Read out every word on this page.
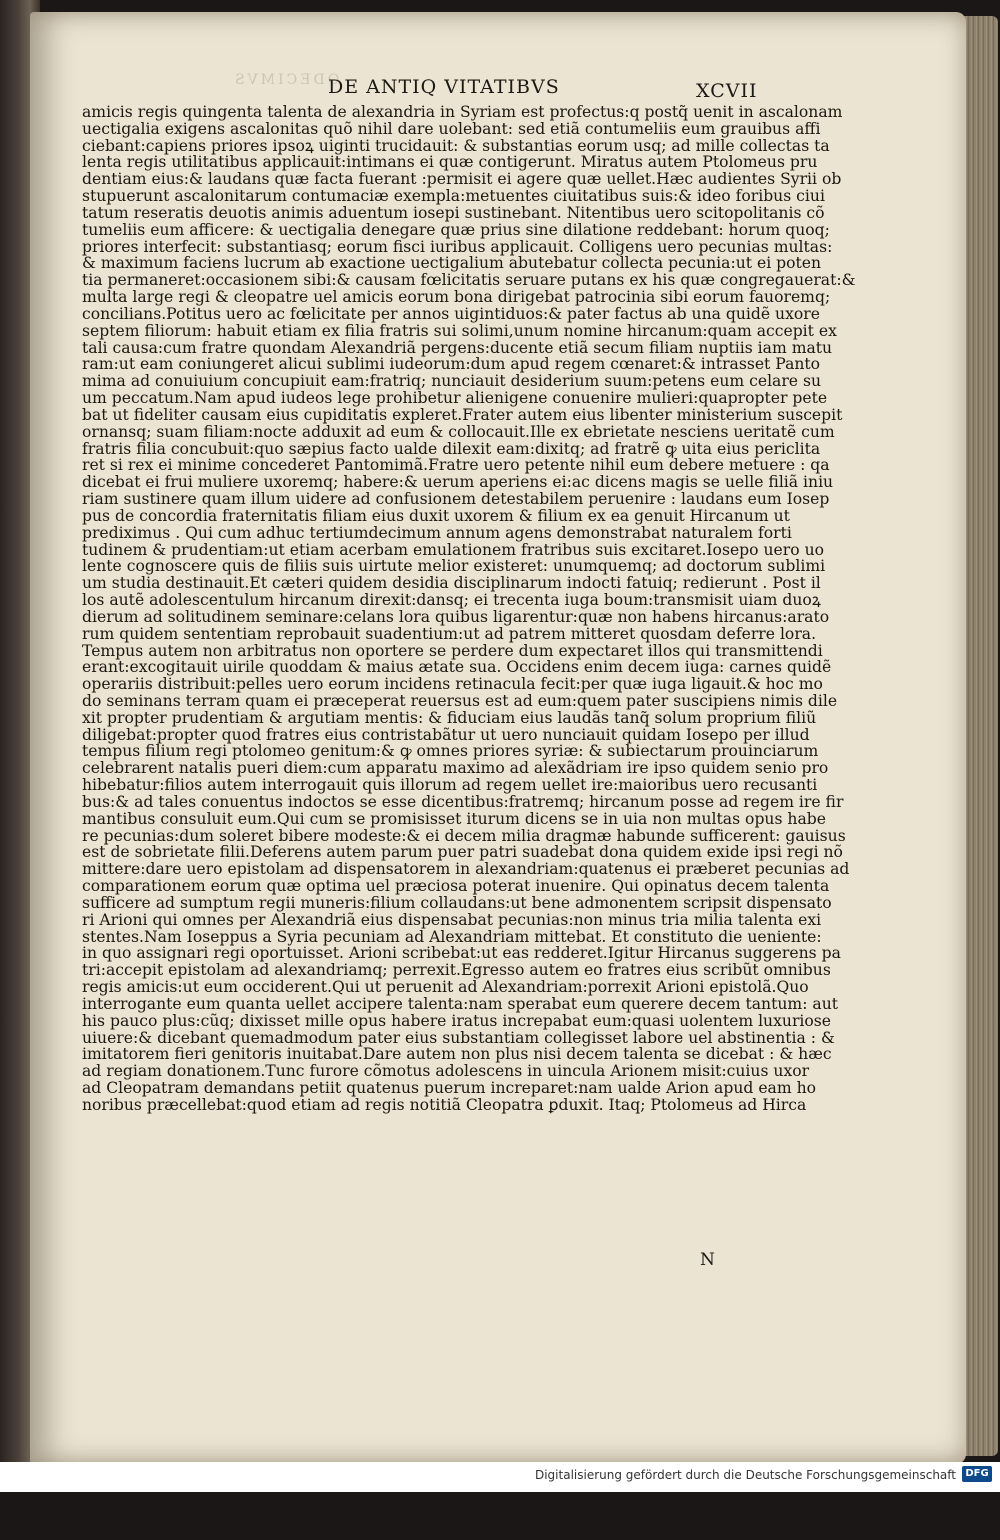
ODECIMVS
DE ANTIQ VITATIBVS	XCVII
amicis regis quingenta talenta de alexandria in Syriam est profectus:q postq̃ uenit in ascalonam
uectigalia exigens ascalonitas quõ nihil dare uolebant: sed etiã contumeliis eum grauibus affi
ciebant:capiens priores ipsoꝝ uiginti trucidauit: & substantias eorum usq; ad mille collectas ta
lenta regis utilitatibus applicauit:intimans ei quæ contigerunt. Miratus autem Ptolomeus pru
dentiam eius:& laudans quæ facta fuerant :permisit ei agere quæ uellet.Hæc audientes Syrii ob
stupuerunt ascalonitarum contumaciæ exempla:metuentes ciuitatibus suis:& ideo foribus ciui
tatum reseratis deuotis animis aduentum iosepi sustinebant. Nitentibus uero scitopolitanis cõ
tumeliis eum afficere: & uectigalia denegare quæ prius sine dilatione reddebant: horum quoq;
priores interfecit: substantiasq; eorum fisci iuribus applicauit. Colligens uero pecunias multas:
& maximum faciens lucrum ab exactione uectigalium abutebatur collecta pecunia:ut ei poten
tia permaneret:occasionem sibi:& causam fœlicitatis seruare putans ex his quæ congregauerat:&
multa large regi & cleopatre uel amicis eorum bona dirigebat patrocinia sibi eorum fauoremq;
concilians.Potitus uero ac fœlicitate per annos uigintiduos:& pater factus ab una quidẽ uxore
septem filiorum: habuit etiam ex filia fratris sui solimi,unum nomine hircanum:quam accepit ex
tali causa:cum fratre quondam Alexandriã pergens:ducente etiã secum filiam nuptiis iam matu
ram:ut eam coniungeret alicui sublimi iudeorum:dum apud regem cœnaret:& intrasset Panto
mima ad conuiuium concupiuit eam:fratriq; nunciauit desiderium suum:petens eum celare su
um peccatum.Nam apud iudeos lege prohibetur alienigene conuenire mulieri:quapropter pete
bat ut fideliter causam eius cupiditatis expleret.Frater autem eius libenter ministerium suscepit
ornansq; suam filiam:nocte adduxit ad eum & collocauit.Ille ex ebrietate nesciens ueritatẽ cum
fratris filia concubuit:quo sæpius facto ualde dilexit eam:dixitq; ad fratrẽ ꝙ uita eius periclita
ret si rex ei minime concederet Pantomimã.Fratre uero petente nihil eum debere metuere : qa
dicebat ei frui muliere uxoremq; habere:& uerum aperiens ei:ac dicens magis se uelle filiã iniu
riam sustinere quam illum uidere ad confusionem detestabilem peruenire : laudans eum Iosep
pus de concordia fraternitatis filiam eius duxit uxorem & filium ex ea genuit Hircanum ut
prediximus . Qui cum adhuc tertiumdecimum annum agens demonstrabat naturalem forti
tudinem & prudentiam:ut etiam acerbam emulationem fratribus suis excitaret.Iosepo uero uo
lente cognoscere quis de filiis suis uirtute melior existeret: unumquemq; ad doctorum sublimi
um studia destinauit.Et cæteri quidem desidia disciplinarum indocti fatuiq; redierunt . Post il
los autẽ adolescentulum hircanum direxit:dansq; ei trecenta iuga boum:transmisit uiam duoꝝ
dierum ad solitudinem seminare:celans lora quibus ligarentur:quæ non habens hircanus:arato
rum quidem sententiam reprobauit suadentium:ut ad patrem mitteret quosdam deferre lora.
Tempus autem non arbitratus non oportere se perdere dum expectaret illos qui transmittendi
erant:excogitauit uirile quoddam & maius ætate sua. Occidens enim decem iuga: carnes quidẽ
operariis distribuit:pelles uero eorum incidens retinacula fecit:per quæ iuga ligauit.& hoc mo
do seminans terram quam ei præceperat reuersus est ad eum:quem pater suscipiens nimis dile
xit propter prudentiam & argutiam mentis: & fiduciam eius laudãs tanq̃ solum proprium filiũ
diligebat:propter quod fratres eius contristabãtur ut uero nunciauit quidam Iosepo per illud
tempus filium regi ptolomeo genitum:& ꝙ omnes priores syriæ: & subiectarum prouinciarum
celebrarent natalis pueri diem:cum apparatu maximo ad alexãdriam ire ipso quidem senio pro
hibebatur:filios autem interrogauit quis illorum ad regem uellet ire:maioribus uero recusanti
bus:& ad tales conuentus indoctos se esse dicentibus:fratremq; hircanum posse ad regem ire fir
mantibus consuluit eum.Qui cum se promisisset iturum dicens se in uia non multas opus habe
re pecunias:dum soleret bibere modeste:& ei decem milia dragmæ habunde sufficerent: gauisus
est de sobrietate filii.Deferens autem parum puer patri suadebat dona quidem exide ipsi regi nõ
mittere:dare uero epistolam ad dispensatorem in alexandriam:quatenus ei præberet pecunias ad
comparationem eorum quæ optima uel præciosa poterat inuenire. Qui opinatus decem talenta
sufficere ad sumptum regii muneris:filium collaudans:ut bene admonentem scripsit dispensato
ri Arioni qui omnes per Alexandriã eius dispensabat pecunias:non minus tria milia talenta exi
stentes.Nam Ioseppus a Syria pecuniam ad Alexandriam mittebat. Et constituto die ueniente:
in quo assignari regi oportuisset. Arioni scribebat:ut eas redderet.Igitur Hircanus suggerens pa
tri:accepit epistolam ad alexandriamq; perrexit.Egresso autem eo fratres eius scribũt omnibus
regis amicis:ut eum occiderent.Qui ut peruenit ad Alexandriam:porrexit Arioni epistolã.Quo
interrogante eum quanta uellet accipere talenta:nam sperabat eum querere decem tantum: aut
his pauco plus:cũq; dixisset mille opus habere iratus increpabat eum:quasi uolentem luxuriose
uiuere:& dicebant quemadmodum pater eius substantiam collegisset labore uel abstinentia : &
imitatorem fieri genitoris inuitabat.Dare autem non plus nisi decem talenta se dicebat : & hæc
ad regiam donationem.Tunc furore cõmotus adolescens in uincula Arionem misit:cuius uxor
ad Cleopatram demandans petiit quatenus puerum increparet:nam ualde Arion apud eam ho
noribus præcellebat:quod etiam ad regis notitiã Cleopatra ꝑduxit. Itaq; Ptolomeus ad Hirca
N
Digitalisierung gefördert durch die Deutsche Forschungsgemeinschaft DFG
